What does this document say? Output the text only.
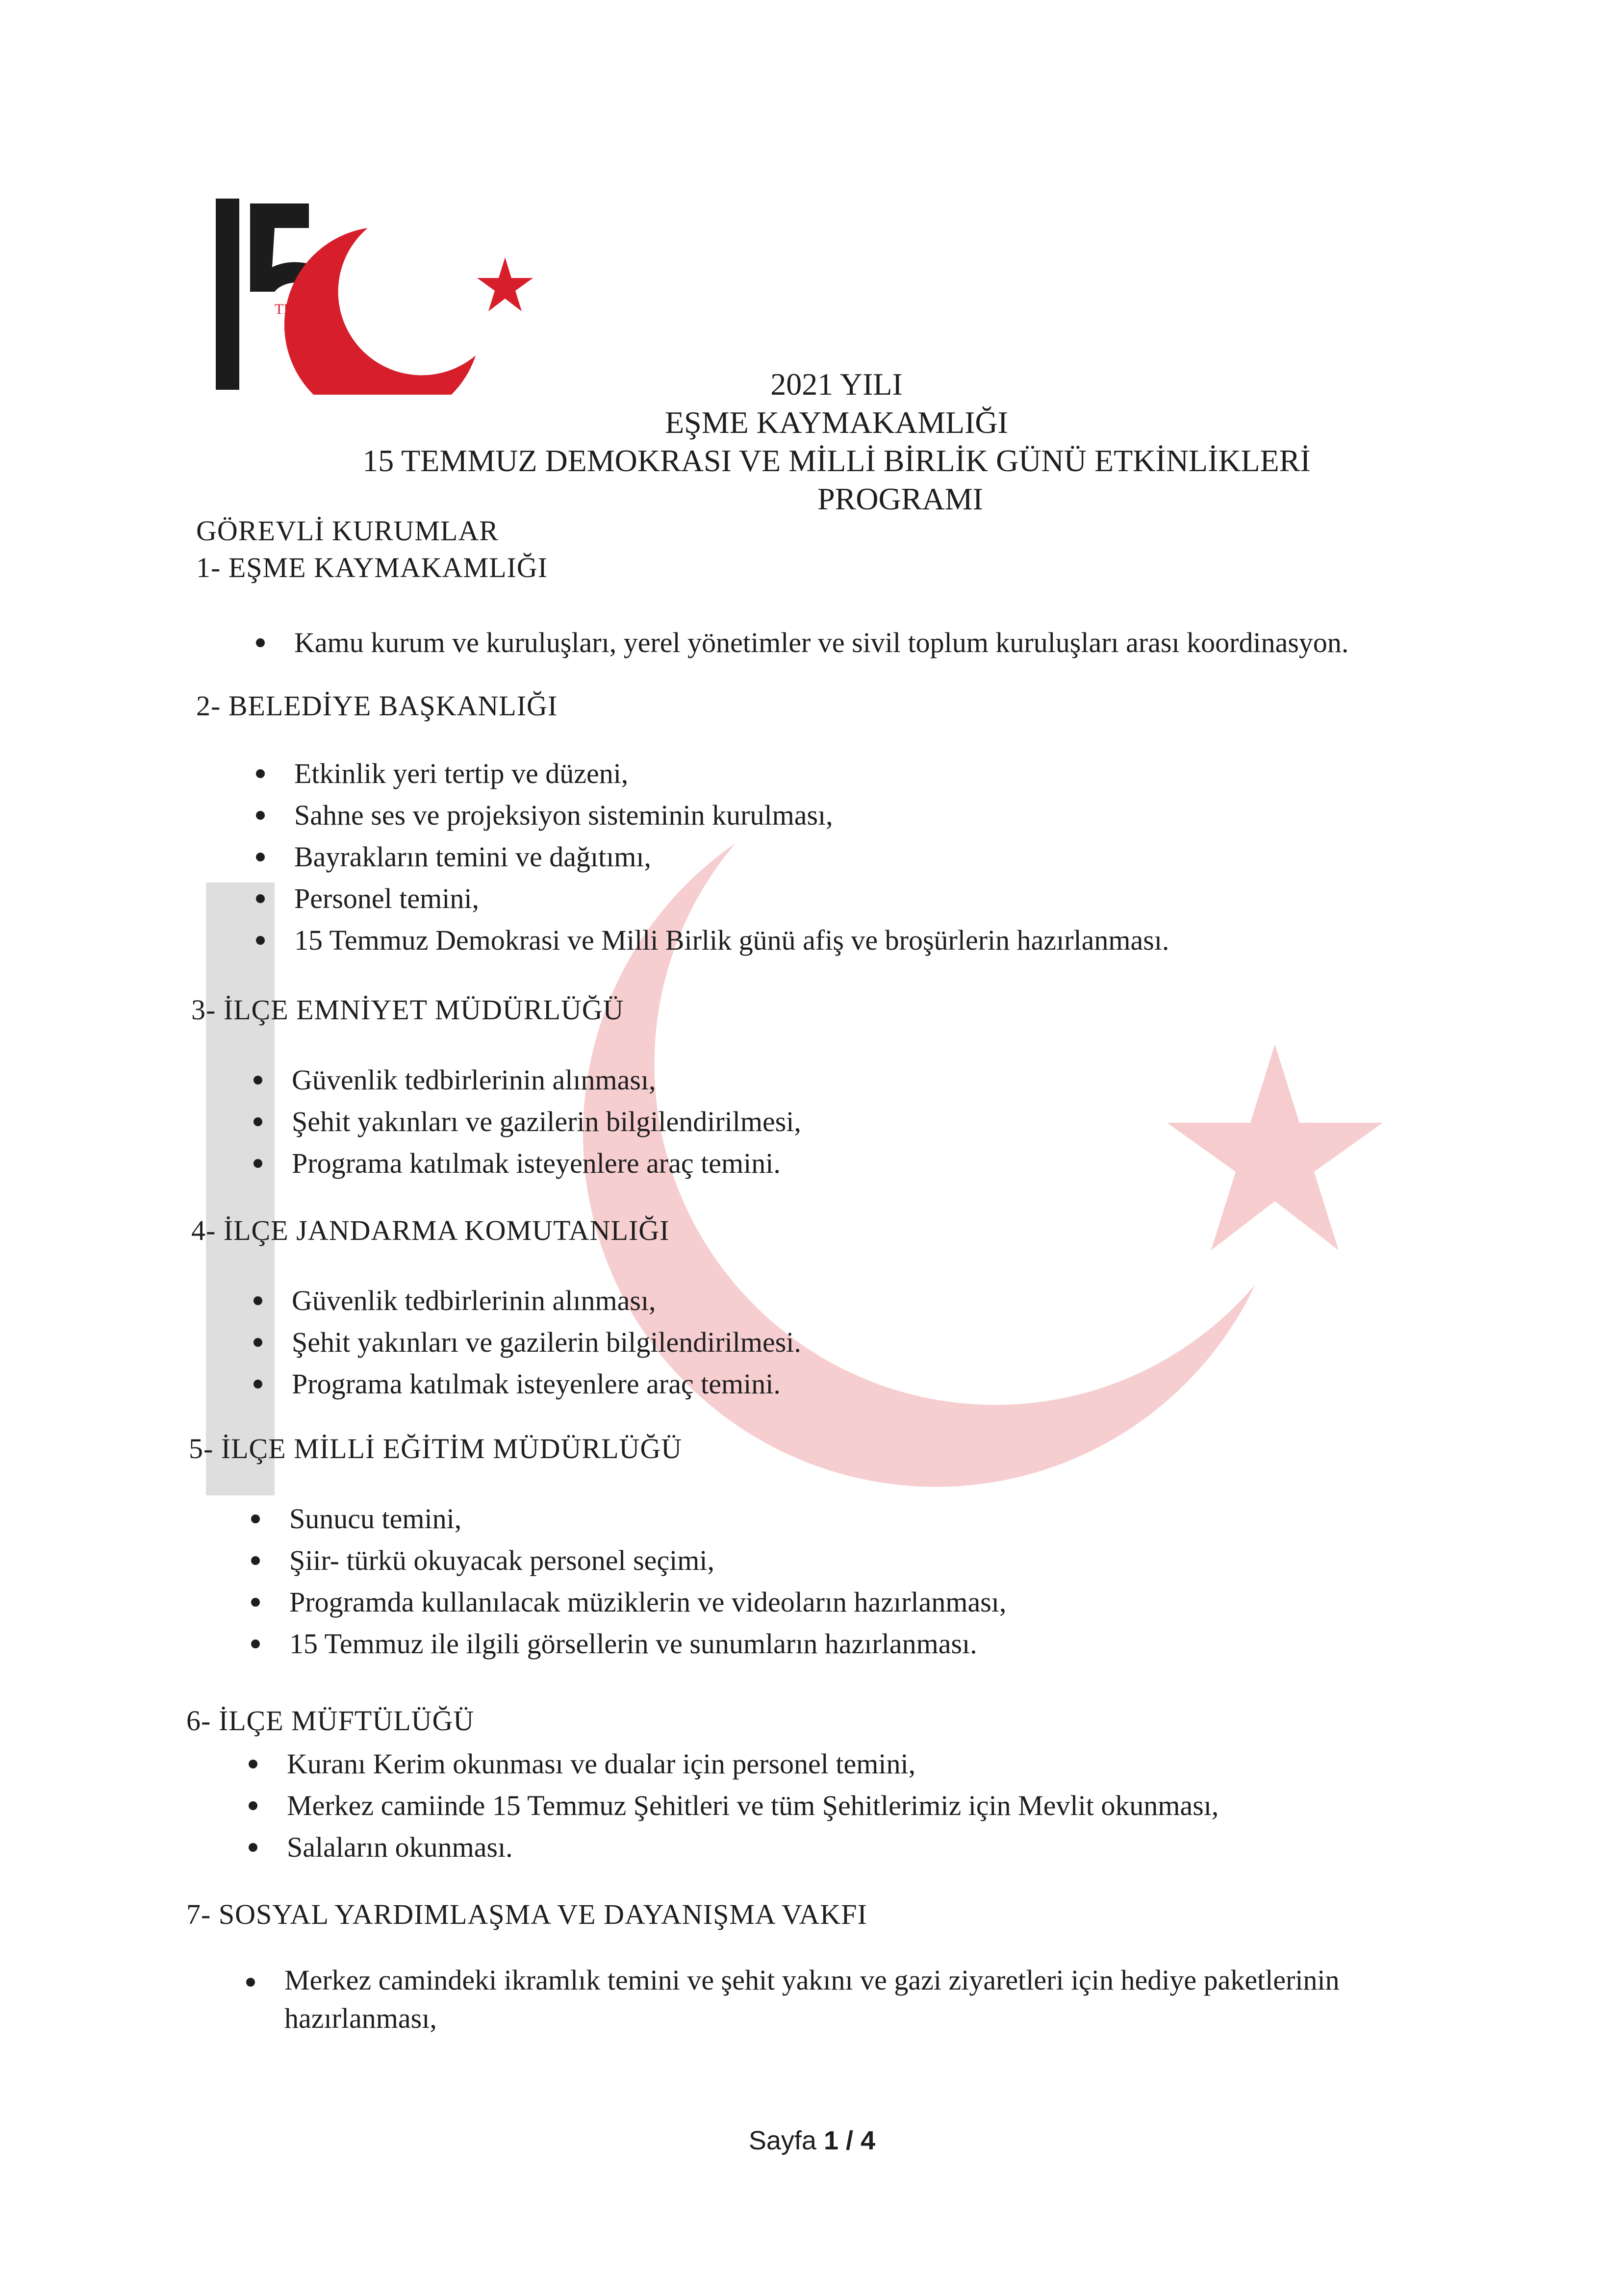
TEMMUZ
2021 YILI
EŞME KAYMAKAMLIĞI
15 TEMMUZ DEMOKRASI VE MİLLİ BİRLİK GÜNÜ ETKİNLİKLERİ
PROGRAMI
GÖREVLİ KURUMLAR
1- EŞME KAYMAKAMLIĞI
Kamu kurum ve kuruluşları, yerel yönetimler ve sivil toplum kuruluşları arası koordinasyon.
2- BELEDİYE BAŞKANLIĞI
Etkinlik yeri tertip ve düzeni,
Sahne ses ve projeksiyon sisteminin kurulması,
Bayrakların temini ve dağıtımı,
Personel temini,
15 Temmuz Demokrasi ve Milli Birlik günü afiş ve broşürlerin hazırlanması.
3- İLÇE EMNİYET MÜDÜRLÜĞÜ
Güvenlik tedbirlerinin alınması,
Şehit yakınları ve gazilerin bilgilendirilmesi,
Programa katılmak isteyenlere araç temini.
4- İLÇE JANDARMA KOMUTANLIĞI
Güvenlik tedbirlerinin alınması,
Şehit yakınları ve gazilerin bilgilendirilmesi.
Programa katılmak isteyenlere araç temini.
5- İLÇE MİLLİ EĞİTİM MÜDÜRLÜĞÜ
Sunucu temini,
Şiir- türkü okuyacak personel seçimi,
Programda kullanılacak müziklerin ve videoların hazırlanması,
15 Temmuz ile ilgili görsellerin ve sunumların hazırlanması.
6- İLÇE MÜFTÜLÜĞÜ
Kuranı Kerim okunması ve dualar için personel temini,
Merkez camiinde 15 Temmuz Şehitleri ve tüm Şehitlerimiz için Mevlit okunması,
Salaların okunması.
7- SOSYAL YARDIMLAŞMA VE DAYANIŞMA VAKFI
Merkez camindeki ikramlık temini ve şehit yakını ve gazi ziyaretleri için hediye paketlerinin hazırlanması,
Sayfa 1 / 4
